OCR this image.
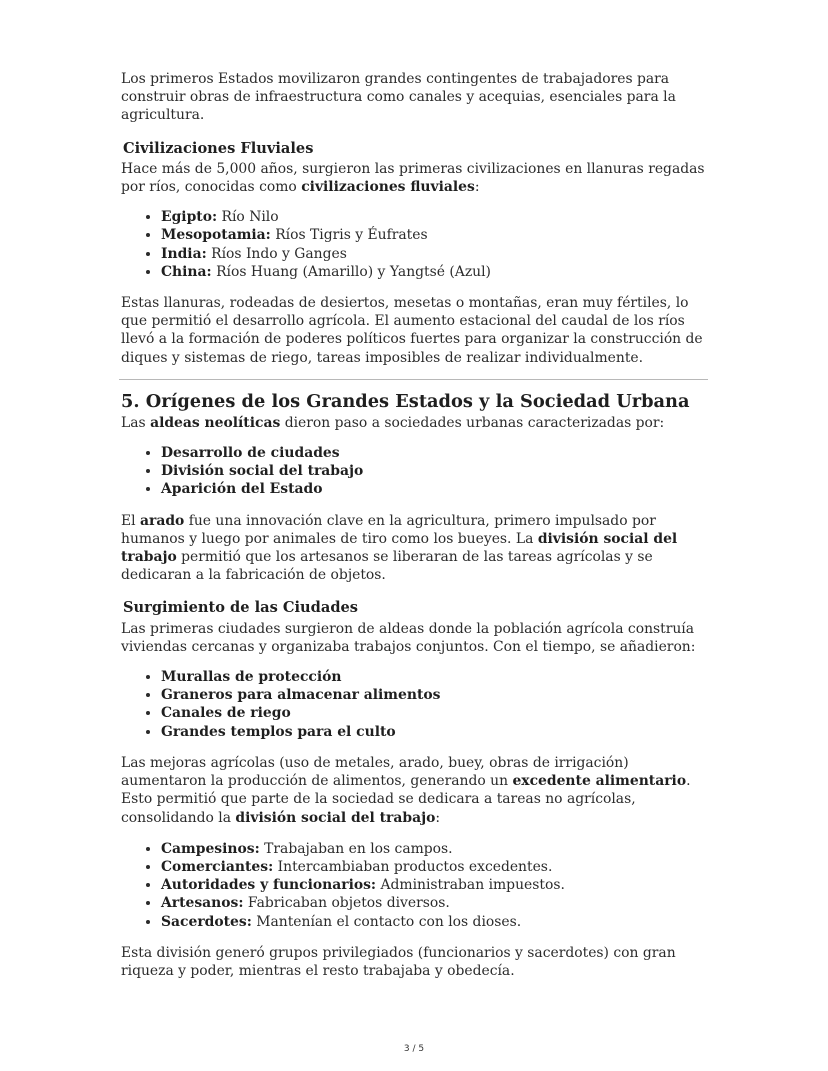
Los primeros Estados movilizaron grandes contingentes de trabajadores para construir obras de infraestructura como canales y acequias, esenciales para la agricultura.

Civilizaciones Fluviales

Hace más de 5,000 años, surgieron las primeras civilizaciones en llanuras regadas por ríos, conocidas como civilizaciones fluviales:

• Egipto: Río Nilo
• Mesopotamia: Ríos Tigris y Éufrates
• India: Ríos Indo y Ganges
• China: Ríos Huang (Amarillo) y Yangtsé (Azul)

Estas llanuras, rodeadas de desiertos, mesetas o montañas, eran muy fértiles, lo que permitió el desarrollo agrícola. El aumento estacional del caudal de los ríos llevó a la formación de poderes políticos fuertes para organizar la construcción de diques y sistemas de riego, tareas imposibles de realizar individualmente.

5. Orígenes de los Grandes Estados y la Sociedad Urbana

Las aldeas neolíticas dieron paso a sociedades urbanas caracterizadas por:

• Desarrollo de ciudades
• División social del trabajo
• Aparición del Estado

El arado fue una innovación clave en la agricultura, primero impulsado por humanos y luego por animales de tiro como los bueyes. La división social del trabajo permitió que los artesanos se liberaran de las tareas agrícolas y se dedicaran a la fabricación de objetos.

Surgimiento de las Ciudades

Las primeras ciudades surgieron de aldeas donde la población agrícola construía viviendas cercanas y organizaba trabajos conjuntos. Con el tiempo, se añadieron:

• Murallas de protección
• Graneros para almacenar alimentos
• Canales de riego
• Grandes templos para el culto

Las mejoras agrícolas (uso de metales, arado, buey, obras de irrigación) aumentaron la producción de alimentos, generando un excedente alimentario. Esto permitió que parte de la sociedad se dedicara a tareas no agrícolas, consolidando la división social del trabajo:

• Campesinos: Trabajaban en los campos.
• Comerciantes: Intercambiaban productos excedentes.
• Autoridades y funcionarios: Administraban impuestos.
• Artesanos: Fabricaban objetos diversos.
• Sacerdotes: Mantenían el contacto con los dioses.

Esta división generó grupos privilegiados (funcionarios y sacerdotes) con gran riqueza y poder, mientras el resto trabajaba y obedecía.

3 / 5
